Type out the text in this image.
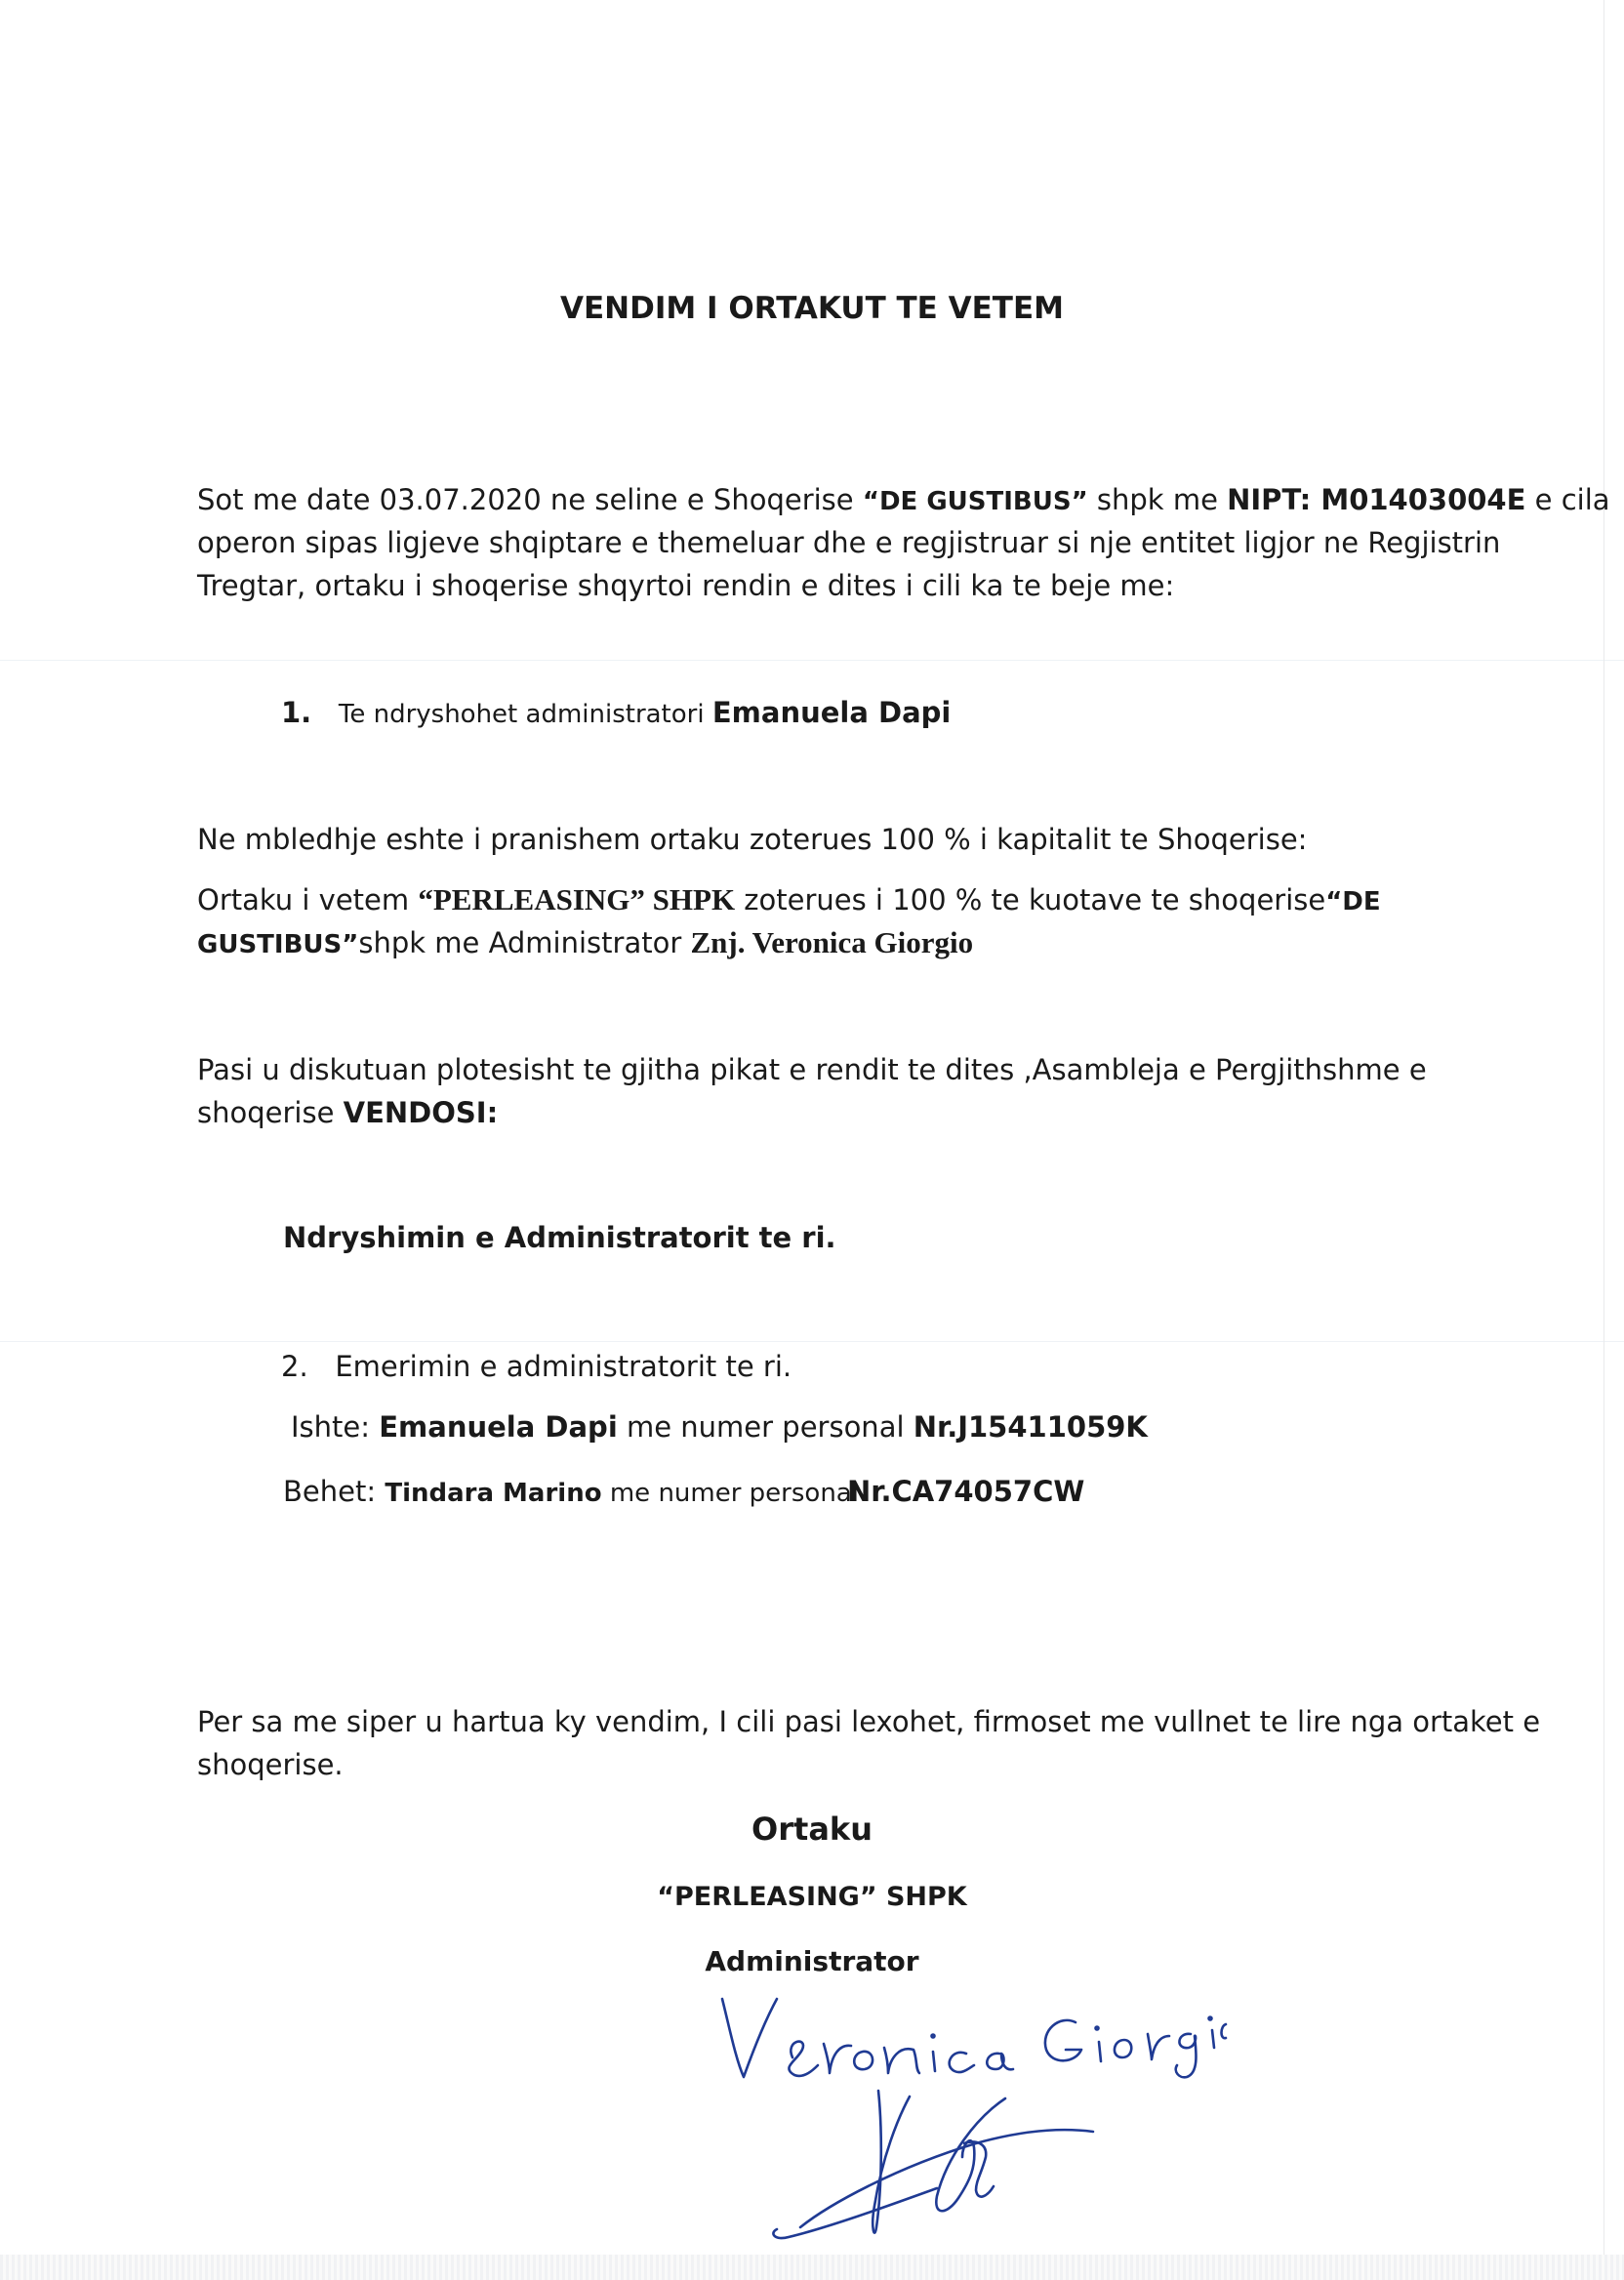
VENDIM I ORTAKUT TE VETEM
Sot me date 03.07.2020 ne seline e Shoqerise “DE GUSTIBUS” shpk me NIPT: M01403004E e cila
operon sipas ligjeve shqiptare e themeluar dhe e regjistruar si nje entitet ligjor ne Regjistrin
Tregtar, ortaku i shoqerise shqyrtoi rendin e dites i cili ka te beje me:
1. Te ndryshohet administratori Emanuela Dapi
Ne mbledhje eshte i pranishem ortaku zoterues 100 % i kapitalit te Shoqerise:
Ortaku i vetem “PERLEASING” SHPK zoterues i 100 % te kuotave te shoqerise“DE
GUSTIBUS”shpk me Administrator Znj. Veronica Giorgio
Pasi u diskutuan plotesisht te gjitha pikat e rendit te dites ,Asambleja e Pergjithshme e
shoqerise VENDOSI:
Ndryshimin e Administratorit te ri.
2. Emerimin e administratorit te ri.
Ishte: Emanuela Dapi me numer personal Nr.J15411059K
Behet: Tindara Marino me numer personal
Nr.CA74057CW
Per sa me siper u hartua ky vendim, I cili pasi lexohet, firmoset me vullnet te lire nga ortaket e
shoqerise.
Ortaku
“PERLEASING” SHPK
Administrator
